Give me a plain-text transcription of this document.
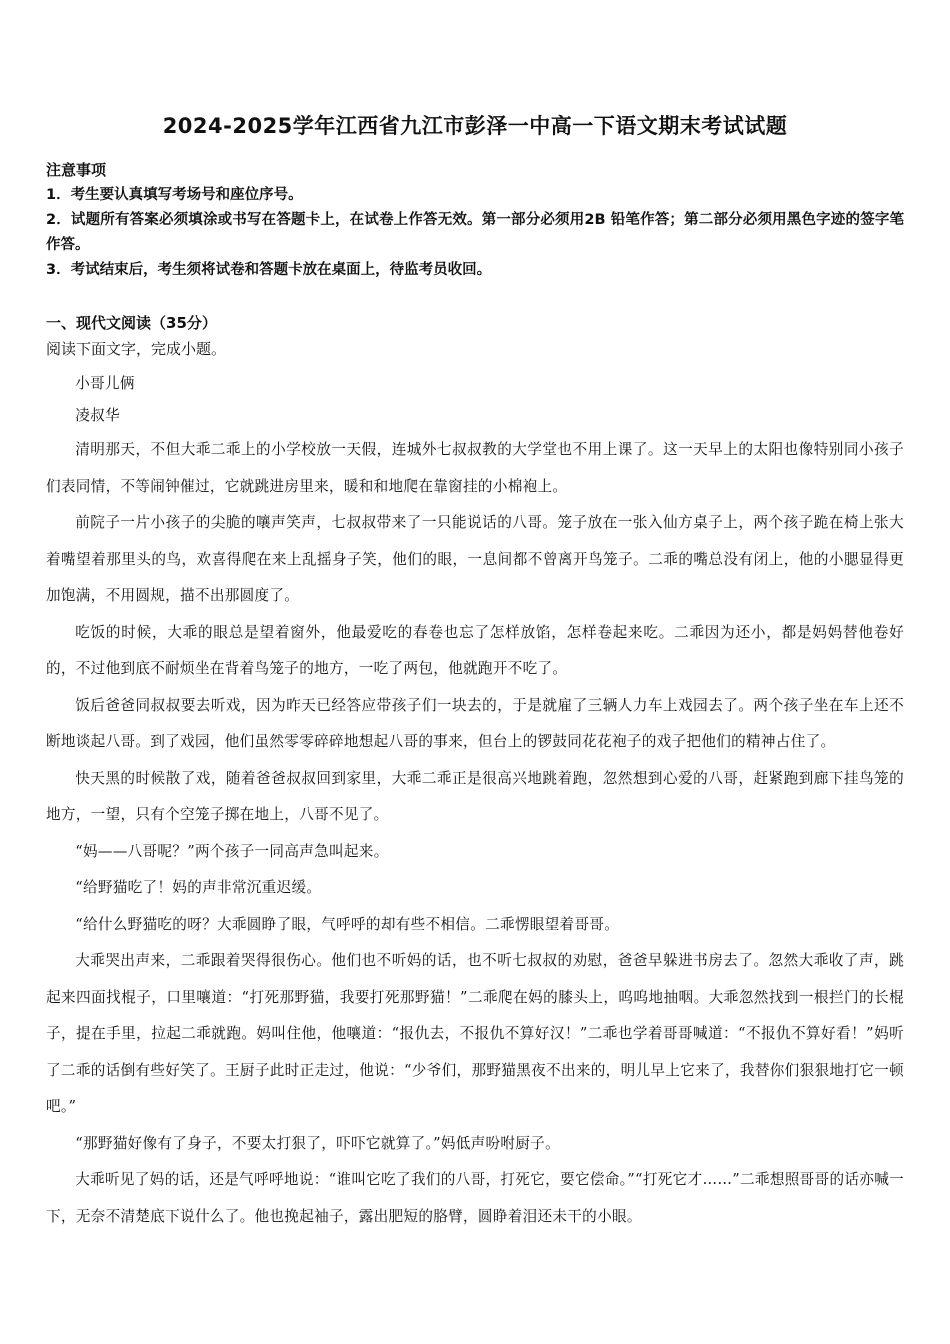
2024-2025学年江西省九江市彭泽一中高一下语文期末考试试题

注意事项

1．考生要认真填写考场号和座位序号。

2．试题所有答案必须填涂或书写在答题卡上，在试卷上作答无效。第一部分必须用2B 铅笔作答；第二部分必须用黑色字迹的签字笔作答。

3．考试结束后，考生须将试卷和答题卡放在桌面上，待监考员收回。

一、现代文阅读（35分）

阅读下面文字，完成小题。

小哥儿俩

凌叔华

清明那天，不但大乖二乖上的小学校放一天假，连城外七叔叔教的大学堂也不用上课了。这一天早上的太阳也像特别同小孩子们表同情，不等闹钟催过，它就跳进房里来，暖和和地爬在靠窗挂的小棉袍上。

前院子一片小孩子的尖脆的嚷声笑声，七叔叔带来了一只能说话的八哥。笼子放在一张入仙方桌子上，两个孩子跪在椅上张大着嘴望着那里头的鸟，欢喜得爬在来上乱摇身子笑，他们的眼，一息间都不曾离开鸟笼子。二乖的嘴总没有闭上，他的小腮显得更加饱满，不用圆规，描不出那圆度了。

吃饭的时候，大乖的眼总是望着窗外，他最爱吃的春卷也忘了怎样放馅，怎样卷起来吃。二乖因为还小，都是妈妈替他卷好的，不过他到底不耐烦坐在背着鸟笼子的地方，一吃了两包，他就跑开不吃了。

饭后爸爸同叔叔要去听戏，因为昨天已经答应带孩子们一块去的，于是就雇了三辆人力车上戏园去了。两个孩子坐在车上还不断地谈起八哥。到了戏园，他们虽然零零碎碎地想起八哥的事来，但台上的锣鼓同花花袍子的戏子把他们的精神占住了。

快天黑的时候散了戏，随着爸爸叔叔回到家里，大乖二乖正是很高兴地跳着跑，忽然想到心爱的八哥，赶紧跑到廊下挂鸟笼的地方，一望，只有个空笼子掷在地上，八哥不见了。

“妈——八哥呢？”两个孩子一同高声急叫起来。

“给野猫吃了！妈的声非常沉重迟缓。

“给什么野猫吃的呀？大乖圆睁了眼，气呼呼的却有些不相信。二乖愣眼望着哥哥。

大乖哭出声来，二乖跟着哭得很伤心。他们也不听妈的话，也不听七叔叔的劝慰，爸爸早躲进书房去了。忽然大乖收了声，跳起来四面找棍子，口里嚷道：“打死那野猫，我要打死那野猫！”二乖爬在妈的膝头上，呜呜地抽咽。大乖忽然找到一根拦门的长棍子，提在手里，拉起二乖就跑。妈叫住他，他嚷道：“报仇去，不报仇不算好汉！”二乖也学着哥哥喊道：“不报仇不算好看！”妈听了二乖的话倒有些好笑了。王厨子此时正走过，他说：“少爷们，那野猫黑夜不出来的，明儿早上它来了，我替你们狠狠地打它一顿吧。”

“那野猫好像有了身子，不要太打狠了，吓吓它就算了。”妈低声吩咐厨子。

大乖听见了妈的话，还是气呼呼地说：“谁叫它吃了我们的八哥，打死它，要它偿命。”“打死它才……”二乖想照哥哥的话亦喊一下，无奈不清楚底下说什么了。他也挽起袖子，露出肥短的胳臂，圆睁着泪还未干的小眼。
